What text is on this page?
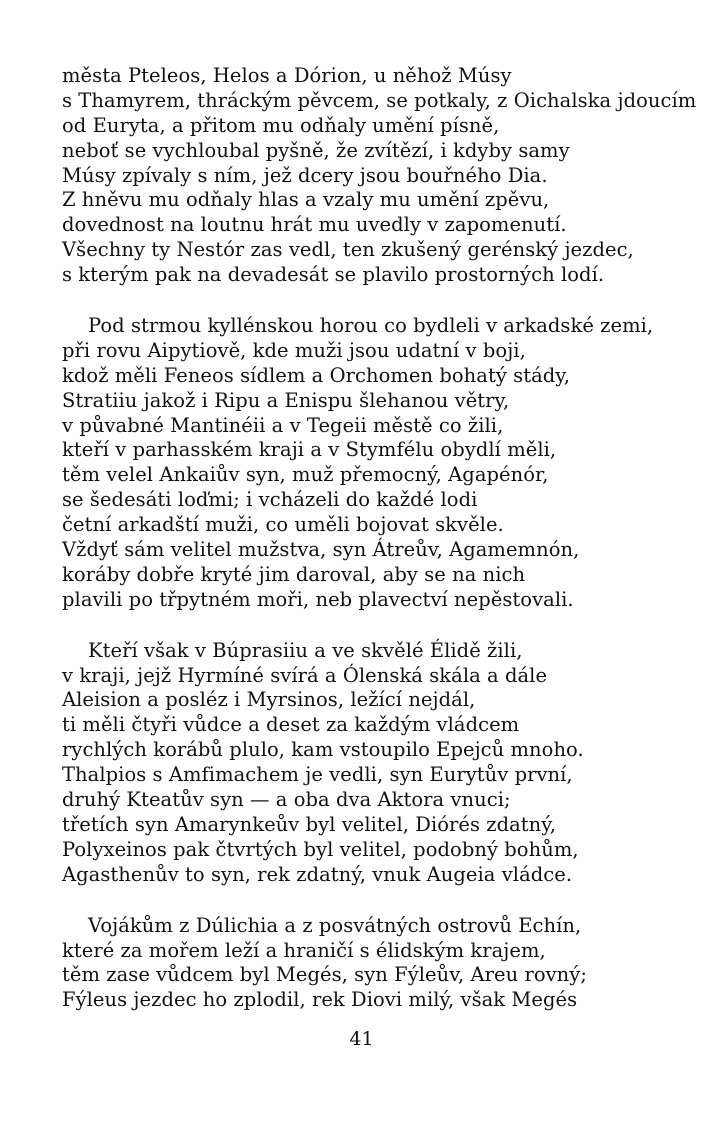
města Pteleos, Helos a Dórion, u něhož Músy
s Thamyrem, thráckým pěvcem, se potkaly, z Oichalska jdoucím
od Euryta, a přitom mu odňaly umění písně,
neboť se vychloubal pyšně, že zvítězí, i kdyby samy
Músy zpívaly s ním, jež dcery jsou bouřného Dia.
Z hněvu mu odňaly hlas a vzaly mu umění zpěvu,
dovednost na loutnu hrát mu uvedly v zapomenutí.
Všechny ty Nestór zas vedl, ten zkušený gerénský jezdec,
s kterým pak na devadesát se plavilo prostorných lodí.
Pod strmou kyllénskou horou co bydleli v arkadské zemi,
při rovu Aipytiově, kde muži jsou udatní v boji,
kdož měli Feneos sídlem a Orchomen bohatý stády,
Stratiiu jakož i Ripu a Enispu šlehanou větry,
v půvabné Mantinéii a v Tegeii městě co žili,
kteří v parhasském kraji a v Stymfélu obydlí měli,
těm velel Ankaiův syn, muž přemocný, Agapénór,
se šedesáti loďmi; i vcházeli do každé lodi
četní arkadští muži, co uměli bojovat skvěle.
Vždyť sám velitel mužstva, syn Átreův, Agamemnón,
koráby dobře kryté jim daroval, aby se na nich
plavili po třpytném moři, neb plavectví nepěstovali.
Kteří však v Búprasiiu a ve skvělé Élidě žili,
v kraji, jejž Hyrmíné svírá a Ólenská skála a dále
Aleision a posléz i Myrsinos, ležící nejdál,
ti měli čtyři vůdce a deset za každým vládcem
rychlých korábů plulo, kam vstoupilo Epejců mnoho.
Thalpios s Amfimachem je vedli, syn Eurytův první,
druhý Kteatův syn — a oba dva Aktora vnuci;
třetích syn Amarynkeův byl velitel, Diórés zdatný,
Polyxeinos pak čtvrtých byl velitel, podobný bohům,
Agasthenův to syn, rek zdatný, vnuk Augeia vládce.
Vojákům z Dúlichia a z posvátných ostrovů Echín,
které za mořem leží a hraničí s élidským krajem,
těm zase vůdcem byl Megés, syn Fýleův, Areu rovný;
Fýleus jezdec ho zplodil, rek Diovi milý, však Megés
41
